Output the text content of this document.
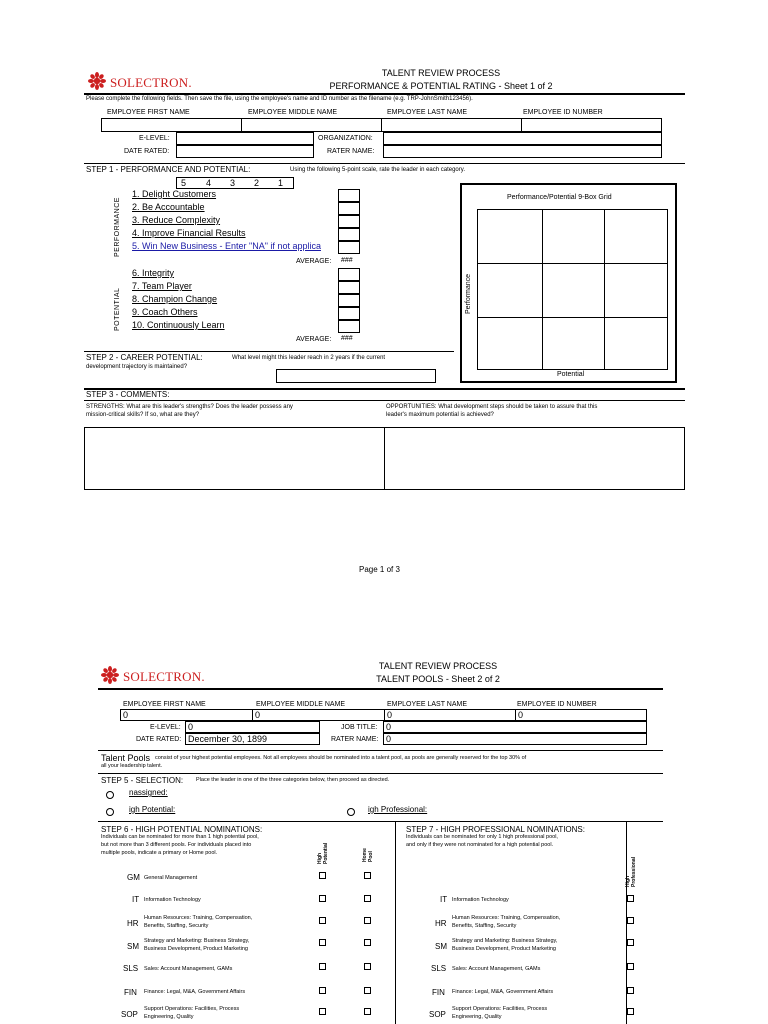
SOLECTRON.
TALENT REVIEW PROCESS
PERFORMANCE & POTENTIAL RATING - Sheet 1 of 2
Please complete the following fields. Then save the file, using the employee's name and ID number as the filename (e.g. TRP-JohnSmith123456).
EMPLOYEE FIRST NAME	EMPLOYEE MIDDLE NAME	EMPLOYEE LAST NAME	EMPLOYEE ID NUMBER
E-LEVEL:	ORGANIZATION:
DATE RATED:	RATER NAME:
STEP 1 - PERFORMANCE AND POTENTIAL:	Using the following 5-point scale, rate the leader in each category.
5 4 3 2 1
PERFORMANCE
1. Delight Customers
2. Be Accountable
3. Reduce Complexity
4. Improve Financial Results
5. Win New Business - Enter "NA" if not applica
AVERAGE: ###
POTENTIAL
6. Integrity
7. Team Player
8. Champion Change
9. Coach Others
10. Continuously Learn
AVERAGE: ###
Performance/Potential 9-Box Grid
Performance
Potential
STEP 2 - CAREER POTENTIAL:	What level might this leader reach in 2 years if the current
development trajectory is maintained?
STEP 3 - COMMENTS:
STRENGTHS: What are this leader's strengths? Does the leader possess any
mission-critical skills? If so, what are they?
OPPORTUNITIES: What development steps should be taken to assure that this
leader's maximum potential is achieved?
Page 1 of 3
SOLECTRON.
TALENT REVIEW PROCESS
TALENT POOLS - Sheet 2 of 2
EMPLOYEE FIRST NAME	EMPLOYEE MIDDLE NAME	EMPLOYEE LAST NAME	EMPLOYEE ID NUMBER
0	0	0	0
E-LEVEL: 0	JOB TITLE: 0
DATE RATED: December 30, 1899	RATER NAME: 0
Talent Pools consist of your highest potential employees. Not all employees should be nominated into a talent pool, as pools are generally reserved for the top 30% of
all your leadership talent.
STEP 5 - SELECTION: Place the leader in one of the three categories below, then proceed as directed.
nassigned:
igh Potential:	igh Professional:
STEP 6 - HIGH POTENTIAL NOMINATIONS:
Individuals can be nominated for more than 1 high potential pool,
but not more than 3 different pools. For individuals placed into
multiple pools, indicate a primary or Home pool.	High Potential	Home Pool
STEP 7 - HIGH PROFESSIONAL NOMINATIONS:
Individuals can be nominated for only 1 high professional pool,
and only if they were not nominated for a high potential pool.
High Professional
GM General Management
IT Information Technology
HR
Human Resources: Training, Compensation,
Benefits, Staffing, Security
SM
Strategy and Marketing: Business Strategy,
Business Development, Product Marketing
SLS Sales: Account Management, GAMs
FIN Finance: Legal, M&A, Government Affairs
SOP
Support Operations: Facilities, Process
Engineering, Quality
IT Information Technology
HR
Human Resources: Training, Compensation,
Benefits, Staffing, Security
SM
Strategy and Marketing: Business Strategy,
Business Development, Product Marketing
SLS Sales: Account Management, GAMs
FIN Finance: Legal, M&A, Government Affairs
SOP
Support Operations: Facilities, Process
Engineering, Quality
